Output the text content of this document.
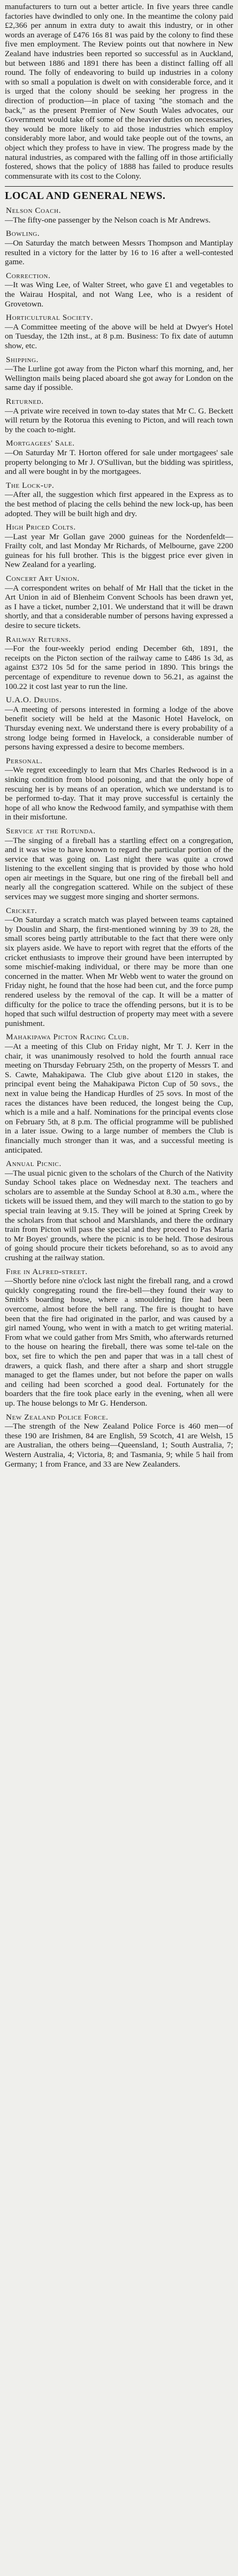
manufacturers to turn out a better article. In five years three candle factories have dwindled to only one. In the meantime the colony paid £2,366 per annum in extra duty to await this industry, or in other words an average of £476 16s 81 was paid by the colony to find these five men employment. The Review points out that nowhere in New Zealand have industries been reported so successful as in Auckland, but between 1886 and 1891 there has been a distinct falling off all round. The folly of endeavoring to build up industries in a colony with so small a population is dwelt on with considerable force, and it is urged that the colony should be seeking her progress in the direction of production—in place of taxing "the stomach and the back," as the present Premier of New South Wales advocates, our Government would take off some of the heavier duties on necessaries, they would be more likely to aid those industries which employ considerably more labor, and would take people out of the towns, an object which they profess to have in view. The progress made by the natural industries, as compared with the falling off in those artificially fostered, shows that the policy of 1888 has failed to produce results commensurate with its cost to the Colony.

LOCAL AND GENERAL NEWS.
Nelson Coach.
—The fifty-one passenger by the Nelson coach is Mr Andrews.
Bowling.
—On Saturday the match between Messrs Thompson and Mantiplay resulted in a victory for the latter by 16 to 16 after a well-contested game.
Correction.
—It was Wing Lee, of Walter Street, who gave £1 and vegetables to the Wairau Hospital, and not Wang Lee, who is a resident of Grovetown.
Horticultural Society.
—A Committee meeting of the above will be held at Dwyer's Hotel on Tuesday, the 12th inst., at 8 p.m. Business: To fix date of autumn show, etc.
Shipping.
—The Lurline got away from the Picton wharf this morning, and, her Wellington mails being placed aboard she got away for London on the same day if possible.
Returned.
—A private wire received in town to-day states that Mr C. G. Beckett will return by the Rotorua this evening to Picton, and will reach town by the coach to-night.
Mortgagees' Sale.
—On Saturday Mr T. Horton offered for sale under mortgagees' sale property belonging to Mr J. O'Sullivan, but the bidding was spiritless, and all were bought in by the mortgagees.
The Lock-up.
—After all, the suggestion which first appeared in the Express as to the best method of placing the cells behind the new lock-up, has been adopted. They will be built high and dry.
High Priced Colts.
—Last year Mr Gollan gave 2000 guineas for the Nordenfeldt—Frailty colt, and last Monday Mr Richards, of Melbourne, gave 2200 guineas for his full brother. This is the biggest price ever given in New Zealand for a yearling.
Concert Art Union.
—A correspondent writes on behalf of Mr Hall that the ticket in the Art Union in aid of Blenheim Convent Schools has been drawn yet, as I have a ticket, number 2,101. We understand that it will be drawn shortly, and that a considerable number of persons having expressed a desire to secure tickets.
Railway Returns.
—For the four-weekly period ending December 6th, 1891, the receipts on the Picton section of the railway came to £486 1s 3d, as against £372 10s 5d for the same period in 1890. This brings the percentage of expenditure to revenue down to 56.21, as against the 100.22 it cost last year to run the line.
U.A.O. Druids.
—A meeting of persons interested in forming a lodge of the above benefit society will be held at the Masonic Hotel Havelock, on Thursday evening next. We understand there is every probability of a strong lodge being formed in Havelock, a considerable number of persons having expressed a desire to become members.
Personal.
—We regret exceedingly to learn that Mrs Charles Redwood is in a sinking condition from blood poisoning, and that the only hope of rescuing her is by means of an operation, which we understand is to be performed to-day. That it may prove successful is certainly the hope of all who know the Redwood family, and sympathise with them in their misfortune.
Service at the Rotunda.
—The singing of a fireball has a startling effect on a congregation, and it was wise to have known to regard the particular portion of the service that was going on. Last night there was quite a crowd listening to the excellent singing that is provided by those who hold open air meetings in the Square, but one ring of the fireball bell and nearly all the congregation scattered. While on the subject of these services may we suggest more singing and shorter sermons.
Cricket.
—On Saturday a scratch match was played between teams captained by Douslin and Sharp, the first-mentioned winning by 39 to 28, the small scores being partly attributable to the fact that there were only six players aside. We have to report with regret that the efforts of the cricket enthusiasts to improve their ground have been interrupted by some mischief-making individual, or there may be more than one concerned in the matter. When Mr Webb went to water the ground on Friday night, he found that the hose had been cut, and the force pump rendered useless by the removal of the cap. It will be a matter of difficulty for the police to trace the offending persons, but it is to be hoped that such wilful destruction of property may meet with a severe punishment.
Mahakipawa Picton Racing Club.
—At a meeting of this Club on Friday night, Mr T. J. Kerr in the chair, it was unanimously resolved to hold the fourth annual race meeting on Thursday February 25th, on the property of Messrs T. and S. Cawte, Mahakipawa. The Club give about £120 in stakes, the principal event being the Mahakipawa Picton Cup of 50 sovs., the next in value being the Handicap Hurdles of 25 sovs. In most of the races the distances have been reduced, the longest being the Cup, which is a mile and a half. Nominations for the principal events close on February 5th, at 8 p.m. The official programme will be published in a later issue. Owing to a large number of members the Club is financially much stronger than it was, and a successful meeting is anticipated.
Annual Picnic.
—The usual picnic given to the scholars of the Church of the Nativity Sunday School takes place on Wednesday next. The teachers and scholars are to assemble at the Sunday School at 8.30 a.m., where the tickets will be issued them, and they will march to the station to go by special train leaving at 9.15. They will be joined at Spring Creek by the scholars from that school and Marshlands, and there the ordinary train from Picton will pass the special and they proceed to Pas Maria to Mr Boyes' grounds, where the picnic is to be held. Those desirous of going should procure their tickets beforehand, so as to avoid any crushing at the railway station.
Fire in Alfred-street.
—Shortly before nine o'clock last night the fireball rang, and a crowd quickly congregating round the fire-bell—they found their way to Smith's boarding house, where a smouldering fire had been overcome, almost before the bell rang. The fire is thought to have been that the fire had originated in the parlor, and was caused by a girl named Young, who went in with a match to get writing material. From what we could gather from Mrs Smith, who afterwards returned to the house on hearing the fireball, there was some tel-tale on the box, set fire to which the pen and paper that was in a tall chest of drawers, a quick flash, and there after a sharp and short struggle managed to get the flames under, but not before the paper on walls and ceiling had been scorched a good deal. Fortunately for the boarders that the fire took place early in the evening, when all were up. The house belongs to Mr G. Henderson.
New Zealand Police Force.
—The strength of the New Zealand Police Force is 460 men—of these 190 are Irishmen, 84 are English, 59 Scotch, 41 are Welsh, 15 are Australian, the others being—Queensland, 1; South Australia, 7; Western Australia, 4; Victoria, 8; and Tasmania, 9; while 5 hail from Germany; 1 from France, and 33 are New Zealanders.
